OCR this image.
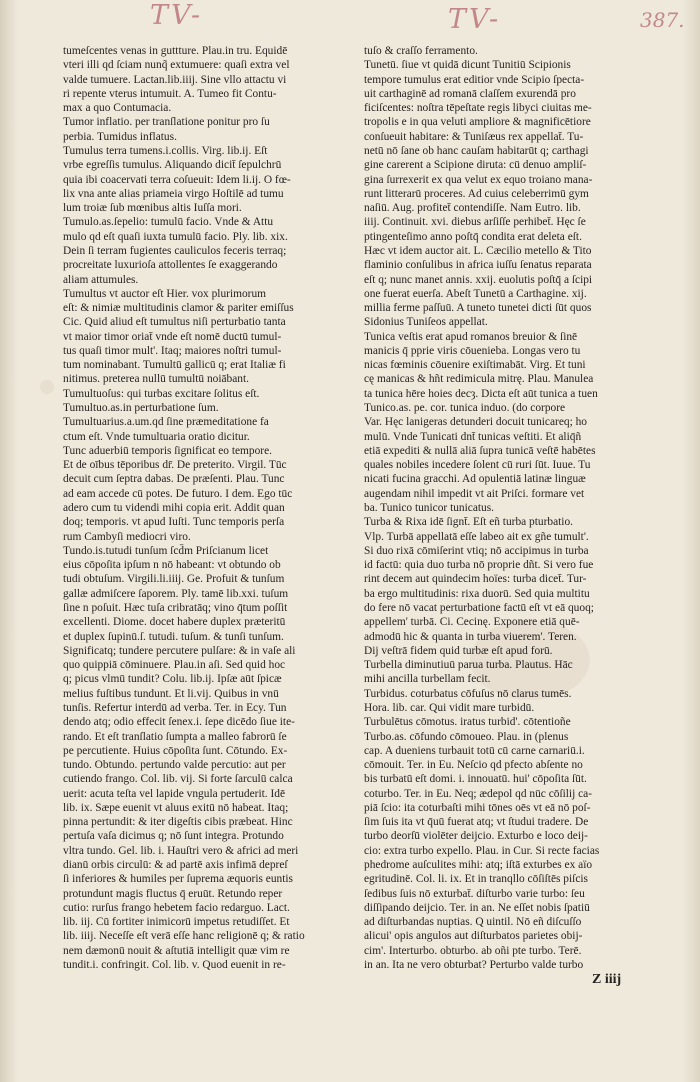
TV-	TV-	387.
tumeſcentes venas in guttture. Plau.in tru. Equidē
vteri illi qd ſciam nunq̃ extumuere: quaſi extra vel
valde tumuere. Lactan.lib.iiij. Sine vllo attactu vi
ri repente vterus intumuit. A. Tumeo fit Contu-
max a quo Contumacia.
Tumor inflatio. per tranſlatione ponitur pro ſu
perbia. Tumidus inflatus.
Tumulus terra tumens.i.collis. Virg. lib.ij. Eſt
vrbe egreſſis tumulus. Aliquando dicit̄ ſepulchrū
quia ibi coacervati terra coſueuit: Idem li.ij. O fœ-
lix vna ante alias priameia virgo Hoſtilē ad tumu
lum troiæ ſub mœnibus altis Iuſſa mori.
Tumulo.as.ſepelio: tumulū facio. Vnde & Attu
mulo qd eſt quaſi iuxta tumulū facio. Ply. lib. xix.
Dein ſi terram fugientes cauliculos feceris terraq;
procreitate luxurioſa attollentes ſe exaggerando
aliam attumules.
Tumultus vt auctor eſt Hier. vox plurimorum
eſt: & nimiæ multitudinis clamor & pariter emiſſus
Cic. Quid aliud eſt tumultus niſi perturbatio tanta
vt maior timor oriat̄ vnde eſt nomē ductū tumul-
tus quaſi timor mult'. Itaq; maiores noſtri tumul-
tum nominabant. Tumultū gallicū q; erat Italiæ fi
nitimus. preterea nullū tumultū noiābant.
Tumultuoſus: qui turbas excitare ſolitus eſt.
Tumultuo.as.in perturbatione ſum.
Tumultuarius.a.um.qd ſine præmeditatione fa
ctum eſt. Vnde tumultuaria oratio dicitur.
Tunc aduerbiū temporis ſignificat eo tempore.
Et de oībus tēporibus dr̄. De preterito. Virgil. Tūc
decuit cum ſeptra dabas. De præſenti. Plau. Tunc
ad eam accede cū potes. De futuro. I dem. Ego tūc
adero cum tu videndi mihi copia erit. Addit quan
doq; temporis. vt apud Iuſti. Tunc temporis perſa
rum Cambyſi mediocri viro.
Tundo.is.tutudi tunſum ſcd̄m Priſcianum licet
eius cōpoſita ipſum n nō habeant: vt obtundo ob
tudi obtuſum. Virgili.li.iiij. Ge. Profuit & tunſum
gallæ admiſcere ſaporem. Ply. tamē lib.xxi. tuſum
ſine n poſuit. Hæc tuſa cribratāq; vino q̄tum poſſit
excellenti. Diome. docet habere duplex præteritū
et duplex ſupinū.ſ. tutudi. tuſum. & tunſi tunſum.
Significatq; tundere percutere pulſare: & in vaſe ali
quo quippiā cōminuere. Plau.in aſi. Sed quid hoc
q; picus vlmū tundit? Colu. lib.ij. Ipſæ aūt ſpicæ
melius fuſtibus tundunt. Et li.vij. Quibus in vnū
tunſis. Refertur interdū ad verba. Ter. in Ecy. Tun
dendo atq; odio effecit ſenex.i. ſepe dicēdo ſiue ite-
rando. Et eſt tranſlatio ſumpta a malleo fabrorū ſe
pe percutiente. Huius cōpoſita ſunt. Cōtundo. Ex-
tundo. Obtundo. pertundo valde percutio: aut per
cutiendo frango. Col. lib. vij. Si forte ſarculū calca
uerit: acuta teſta vel lapide vngula pertuderit. Idē
lib. ix. Sæpe euenit vt aluus exitū nō habeat. Itaq;
pinna pertundit: & iter digeſtis cibis præbeat. Hinc
pertuſa vaſa dicimus q; nō ſunt integra. Protundo
vltra tundo. Gel. lib. i. Hauſtri vero & africi ad meri
dianū orbis circulū: & ad partē axis infimā depreſ
ſi inferiores & humiles per ſuprema æquoris euntis
protundunt magis fluctus q̄ eruūt. Retundo reper
cutio: rurſus frango hebetem facio redarguo. Lact.
lib. iij. Cū fortiter inimicorū impetus retudiſſet. Et
lib. iiij. Neceſſe eſt verā eſſe hanc religionē q; & ratio
nem dæmonū nouit & aſtutiā intelligit quæ vim re
tundit.i. confringit. Col. lib. v. Quod euenit in re-
tuſo & craſſo ferramento.
Tunetū. ſiue vt quidā dicunt Tunitiū Scipionis
tempore tumulus erat editior vnde Scipio ſpecta-
uit carthaginē ad romanā claſſem exurendā pro
ficiſcentes: noſtra tēpeſtate regis libyci ciuitas me-
tropolis e in qua veluti ampliore & magnificētiore
conſueuit habitare: & Tuniſæus rex appellat̄. Tu-
netū nō ſane ob hanc cauſam habitarūt q; carthagi
gine carerent a Scipione diruta: cū denuo ampliſ-
gina ſurrexerit ex qua velut ex equo troiano mana-
runt litterarū proceres. Ad cuius celeberrimū gym
naſiū. Aug. profitet̄ contendiſſe. Nam Eutro. lib.
iiij. Continuit. xvi. diebus arſiſſe perhibet̄. Hęc ſe
ptingenteſimo anno poſtq̄ condita erat deleta eſt.
Hæc vt idem auctor ait. L. Cæcilio metello & Tito
flaminio conſulibus in africa iuſſu ſenatus reparata
eſt q; nunc manet annis. xxij. euolutis poſtq̄ a ſcipi
one fuerat euerſa. Abeſt Tunetū a Carthagine. xij.
millia ferme paſſuū. A tuneto tunetei dicti ſūt quos
Sidonius Tuniſeos appellat.
Tunica veſtis erat apud romanos breuior & ſinē
manicis q̄ pprie viris cōuenieba. Longas vero tu
nicas fœminis cōuenire exiſtimabāt. Virg. Et tuni
cę manicas & hñt redimicula mitrę. Plau. Manulea
ta tunica hēre hoies decȝ. Dicta eſt aūt tunica a tuen
Tunico.as. pe. cor. tunica induo. (do corpore
Var. Hęc lanigeras detunderi docuit tunicareq; ho
mulū. Vnde Tunicati dnt̄ tunicas veſtiti. Et aliq̄ñ
etiā expediti & nullā aliā ſupra tunicā veſtē habētes
quales nobiles incedere ſolent cū ruri ſūt. Iuue. Tu
nicati fucina gracchi. Ad opulentiā latinæ linguæ
augendam nihil impedit vt ait Priſci. formare vet
ba. Tunico tunicor tunicatus.
Turba & Rixa idē ſignt̄. Eſt eñ turba pturbatio.
Vlp. Turbā appellatā eſſe labeo ait ex gñe tumult'.
Si duo rixā cōmiſerint vtiq; nō accipimus in turba
id factū: quia duo turba nō proprie dñt. Si vero fue
rint decem aut quindecim hoïes: turba dicet̄. Tur-
ba ergo multitudinis: rixa duorū. Sed quia multitu
do fere nō vacat perturbatione factū eſt vt eā quoq;
appellem' turbā. Ci. Cecinę. Exponere etiā quē-
admodū hic & quanta in turba viuerem'. Teren.
Dij veſtrā fidem quid turbæ eſt apud forū.
Turbella diminutiuū parua turba. Plautus. Hāc
mihi ancilla turbellam fecit.
Turbidus. coturbatus cōfuſus nō clarus tumēs.
Hora. lib. car. Qui vidit mare turbidū.
Turbulētus cōmotus. iratus turbid'. cōtentioñe
Turbo.as. cōfundo cōmoueo. Plau. in (plenus
cap. A dueniens turbauit totū cū carne carnariū.i.
cōmouit. Ter. in Eu. Neſcio qd pfecto abſente no
bis turbatū eſt domi. i. innouatū. hui' cōpoſita ſūt.
coturbo. Ter. in Eu. Neq; ædepol qd nūc cōſilij ca-
piā ſcio: ita coturbaſti mihi tōnes oēs vt eā nō poſ-
ſim ſuis ita vt q̄uū fuerat atq; vt ſtudui tradere. De
turbo deorſū violēter deijcio. Exturbo e loco deij-
cio: extra turbo expello. Plau. in Cur. Si recte facias
phedrome auſculites mihi: atq; iſtā exturbes ex aïo
egritudinē. Col. li. ix. Et in tranqllo cōſiſtēs piſcis
ſedibus ſuis nō exturbat̄. diſturbo varie turbo: ſeu
diſſipando deijcio. Ter. in an. Ne eſſet nobis ſpatiū
ad diſturbandas nuptias. Q uintil. Nō eñ diſcuſſo
alicui' opis angulos aut diſturbatos parietes obij-
cim'. Interturbo. obturbo. ab oñi pte turbo. Terē.
in an. Ita ne vero obturbat? Perturbo valde turbo
Z iiij
